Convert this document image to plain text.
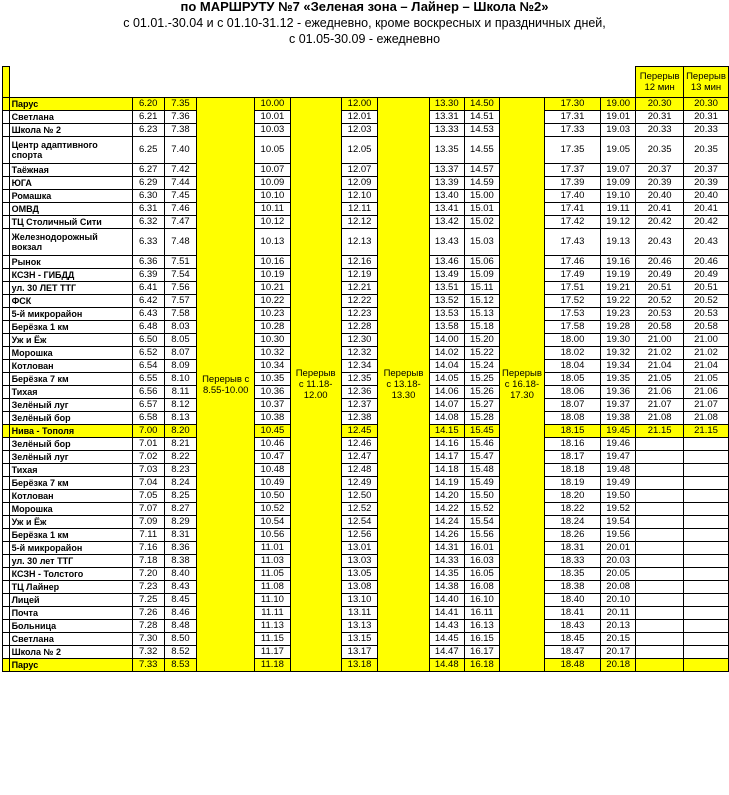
по МАРШРУТУ №7 «Зеленая зона – Лайнер – Школа №2»
с 01.01.-30.04 и с 01.10-31.12 - ежедневно, кроме воскресных и праздничных дней,
с 01.05-30.09 - ежедневно
														Перерыв 12 мин	Перерыв 13 мин
	Парус	6.20	7.35	Перерыв с 8.55-10.00	10.00	Перерыв с 11.18-12.00	12.00	Перерыв с 13.18-13.30	13.30	14.50	Перерыв с 16.18-17.30	17.30	19.00	20.30	20.30
	Светлана	6.21	7.36		10.01		12.01		13.31	14.51		17.31	19.01	20.31	20.31
	Школа № 2	6.23	7.38		10.03		12.03		13.33	14.53		17.33	19.03	20.33	20.33
	Центр адаптивного спорта	6.25	7.40		10.05		12.05		13.35	14.55		17.35	19.05	20.35	20.35
	Таёжная	6.27	7.42		10.07		12.07		13.37	14.57		17.37	19.07	20.37	20.37
	ЮГА	6.29	7.44		10.09		12.09		13.39	14.59		17.39	19.09	20.39	20.39
	Ромашка	6.30	7.45		10.10		12.10		13.40	15.00		17.40	19.10	20.40	20.40
	ОМВД	6.31	7.46		10.11		12.11		13.41	15.01		17.41	19.11	20.41	20.41
	ТЦ Столичный Сити	6.32	7.47		10.12		12.12		13.42	15.02		17.42	19.12	20.42	20.42
	Железнодорожный вокзал	6.33	7.48		10.13		12.13		13.43	15.03		17.43	19.13	20.43	20.43
	Рынок	6.36	7.51		10.16		12.16		13.46	15.06		17.46	19.16	20.46	20.46
	КСЗН - ГИБДД	6.39	7.54		10.19		12.19		13.49	15.09		17.49	19.19	20.49	20.49
	ул. 30 ЛЕТ ТТГ	6.41	7.56		10.21		12.21		13.51	15.11		17.51	19.21	20.51	20.51
	ФСК	6.42	7.57		10.22		12.22		13.52	15.12		17.52	19.22	20.52	20.52
	5-й микрорайон	6.43	7.58		10.23		12.23		13.53	15.13		17.53	19.23	20.53	20.53
	Берёзка 1 км	6.48	8.03		10.28		12.28		13.58	15.18		17.58	19.28	20.58	20.58
	Уж и Ёж	6.50	8.05		10.30		12.30		14.00	15.20		18.00	19.30	21.00	21.00
	Морошка	6.52	8.07		10.32		12.32		14.02	15.22		18.02	19.32	21.02	21.02
	Котлован	6.54	8.09		10.34		12.34		14.04	15.24		18.04	19.34	21.04	21.04
	Берёзка 7 км	6.55	8.10		10.35		12.35		14.05	15.25		18.05	19.35	21.05	21.05
	Тихая	6.56	8.11		10.36		12.36		14.06	15.26		18.06	19.36	21.06	21.06
	Зелёный луг	6.57	8.12		10.37		12.37		14.07	15.27		18.07	19.37	21.07	21.07
	Зелёный бор	6.58	8.13		10.38		12.38		14.08	15.28		18.08	19.38	21.08	21.08
	Нива - Тополя	7.00	8.20		10.45		12.45		14.15	15.45		18.15	19.45	21.15	21.15
	Зелёный бор	7.01	8.21		10.46		12.46		14.16	15.46		18.16	19.46		
	Зелёный луг	7.02	8.22		10.47		12.47		14.17	15.47		18.17	19.47		
	Тихая	7.03	8.23		10.48		12.48		14.18	15.48		18.18	19.48		
	Берёзка 7 км	7.04	8.24		10.49		12.49		14.19	15.49		18.19	19.49		
	Котлован	7.05	8.25		10.50		12.50		14.20	15.50		18.20	19.50		
	Морошка	7.07	8.27		10.52		12.52		14.22	15.52		18.22	19.52		
	Уж и Ёж	7.09	8.29		10.54		12.54		14.24	15.54		18.24	19.54		
	Берёзка 1 км	7.11	8.31		10.56		12.56		14.26	15.56		18.26	19.56		
	5-й микрорайон	7.16	8.36		11.01		13.01		14.31	16.01		18.31	20.01		
	ул. 30 лет ТТГ	7.18	8.38		11.03		13.03		14.33	16.03		18.33	20.03		
	КСЗН - Толстого	7.20	8.40		11.05		13.05		14.35	16.05		18.35	20.05		
	ТЦ Лайнер	7.23	8.43		11.08		13.08		14.38	16.08		18.38	20.08		
	Лицей	7.25	8.45		11.10		13.10		14.40	16.10		18.40	20.10		
	Почта	7.26	8.46		11.11		13.11		14.41	16.11		18.41	20.11		
	Больница	7.28	8.48		11.13		13.13		14.43	16.13		18.43	20.13		
	Светлана	7.30	8.50		11.15		13.15		14.45	16.15		18.45	20.15		
	Школа № 2	7.32	8.52		11.17		13.17		14.47	16.17		18.47	20.17		
	Парус	7.33	8.53		11.18		13.18		14.48	16.18		18.48	20.18		
